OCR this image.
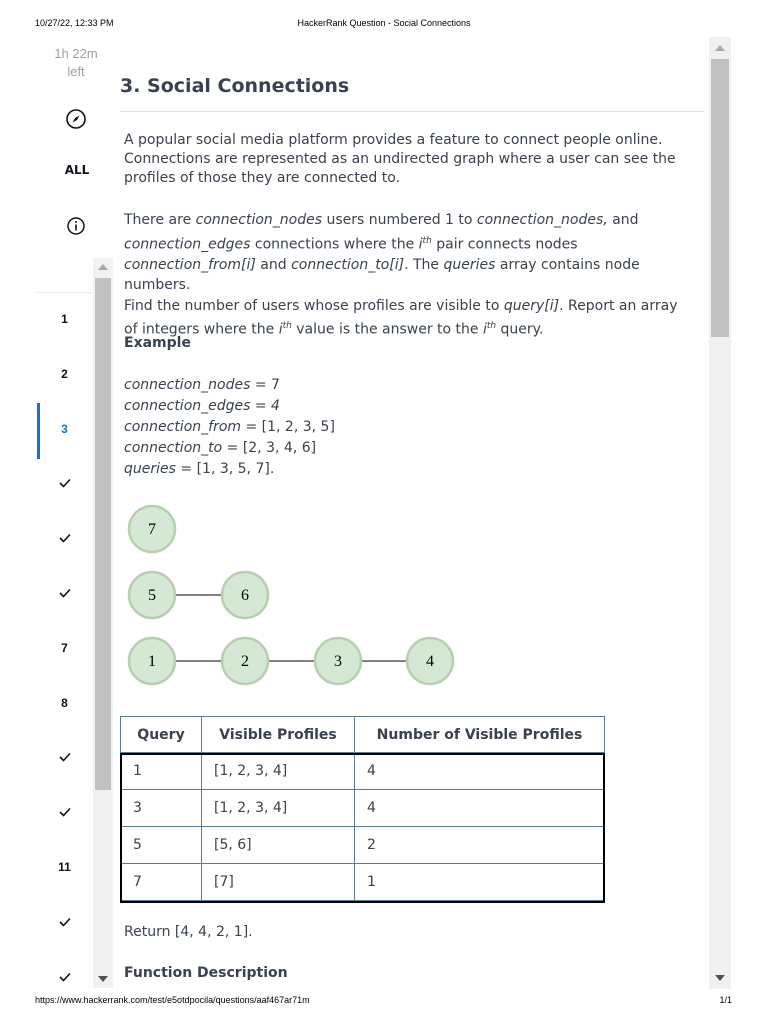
10/27/22, 12:33 PM	HackerRank Question - Social Connections
1h 22m
left
ALL
1
2
3
7
8
11
3. Social Connections
A popular social media platform provides a feature to connect people online. Connections are represented as an undirected graph where a user can see the profiles of those they are connected to.
There are connection_nodes users numbered 1 to connection_nodes, and
connection_edges connections where the $i^{th}$ pair connects nodes
connection_from[i] and connection_to[i]. The queries array contains node numbers.
Find the number of users whose profiles are visible to query[i]. Report an array
of integers where the $i^{th}$ value is the answer to the $i^{th}$ query.
Example
connection_nodes = 7
connection_edges = 4
connection_from = [1, 2, 3, 5]
connection_to = [2, 3, 4, 6]
queries = [1, 3, 5, 7].
7
5	6
1	2	3	4
Query	Visible Profiles	Number of Visible Profiles
1	[1, 2, 3, 4]	4
3	[1, 2, 3, 4]	4
5	[5, 6]	2
7	[7]	1
Return [4, 4, 2, 1].
Function Description
https://www.hackerrank.com/test/e5otdpocila/questions/aaf467ar71m	1/1
